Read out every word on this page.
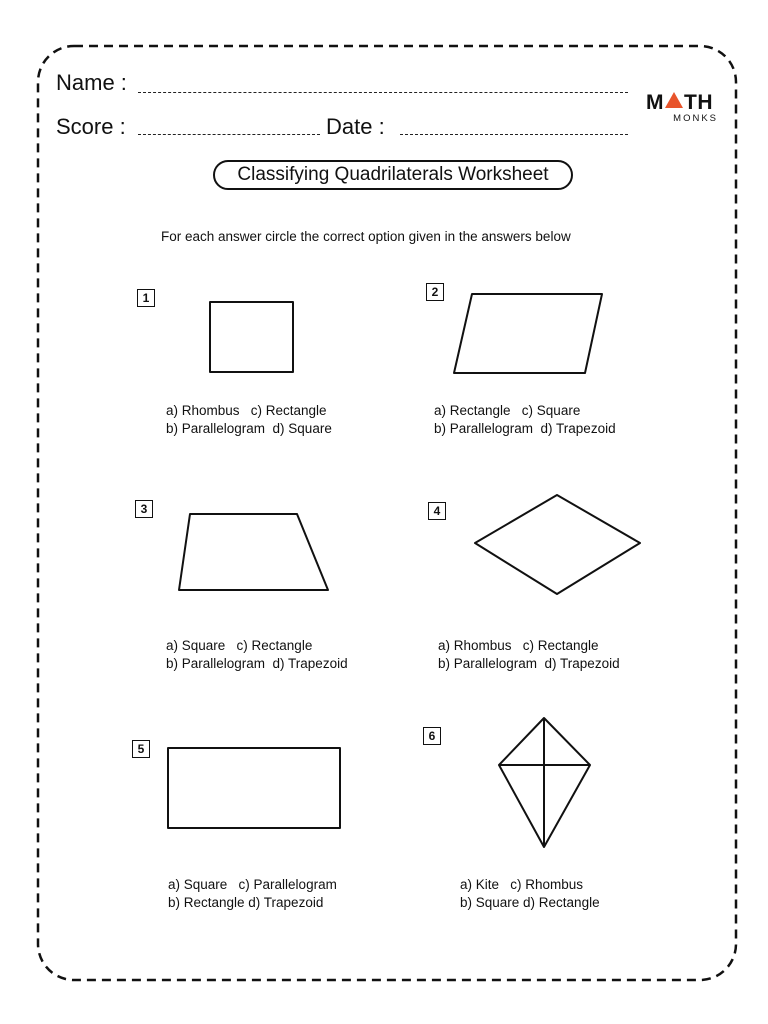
Name :
Score :	Date :
M TH
MONKS
Classifying Quadrilaterals Worksheet
For each answer circle the correct option given in the answers below
1	2
3	4
5
6
a) Rhombus   c) Rectangle
b) Parallelogram  d) Square
a) Rectangle   c) Square
b) Parallelogram  d) Trapezoid
a) Square   c) Rectangle
b) Parallelogram  d) Trapezoid
a) Rhombus   c) Rectangle
b) Parallelogram  d) Trapezoid
a) Square   c) Parallelogram
b) Rectangle d) Trapezoid
a) Kite   c) Rhombus
b) Square d) Rectangle
